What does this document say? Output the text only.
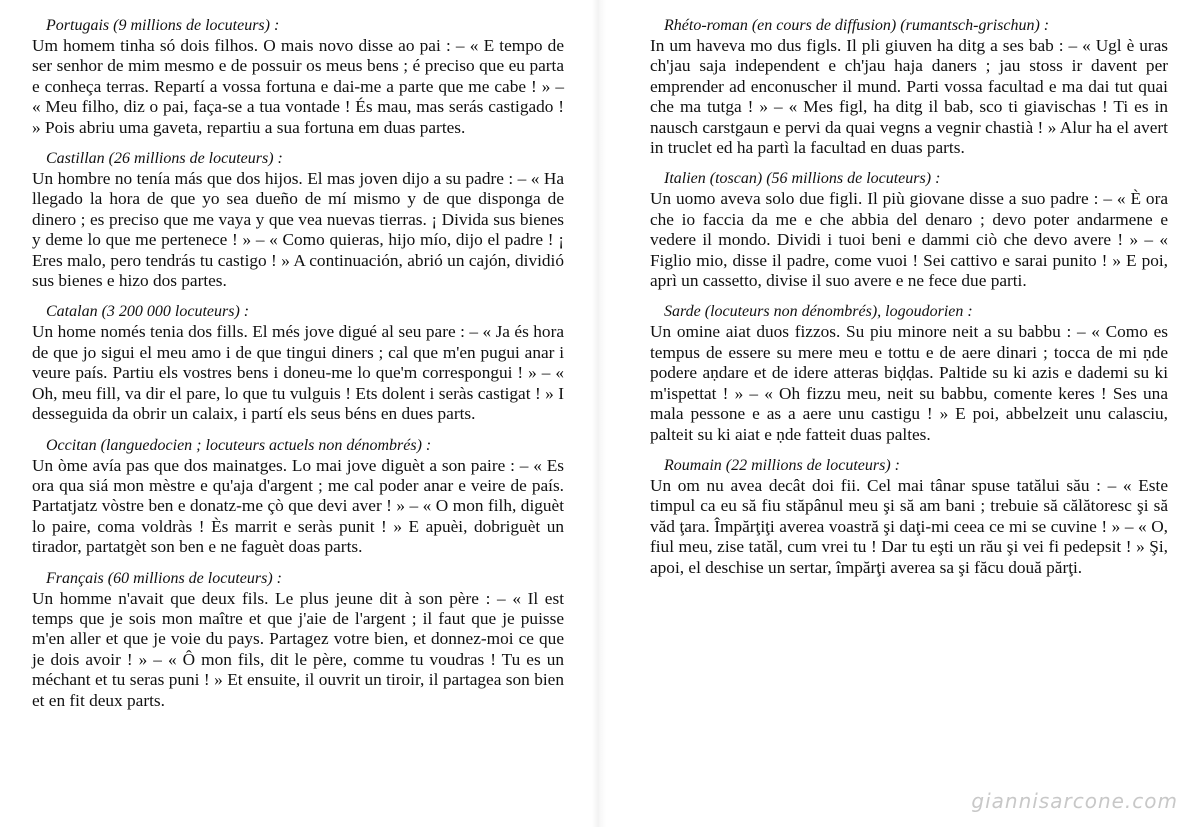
Portugais (9 millions de locuteurs) :
Um homem tinha só dois filhos. O mais novo disse ao pai : – « E tempo de ser senhor de mim mesmo e de possuir os meus bens ; é preciso que eu parta e conheça terras. Repartí a vossa fortuna e dai-me a parte que me cabe ! » – « Meu filho, diz o pai, faça-se a tua vontade ! És mau, mas serás castigado ! » Pois abriu uma gaveta, repartiu a sua fortuna em duas partes.
Castillan (26 millions de locuteurs) :
Un hombre no tenía más que dos hijos. El mas joven dijo a su padre : – « Ha llegado la hora de que yo sea dueño de mí mismo y de que disponga de dinero ; es preciso que me vaya y que vea nuevas tierras. ¡ Divida sus bienes y deme lo que me pertenece ! » – « Como quieras, hijo mío, dijo el padre ! ¡ Eres malo, pero tendrás tu castigo ! » A continuación, abrió un cajón, dividió sus bienes e hizo dos partes.
Catalan (3 200 000 locuteurs) :
Un home només tenia dos fills. El més jove digué al seu pare : – « Ja és hora de que jo sigui el meu amo i de que tingui diners ; cal que m'en pugui anar i veure país. Partiu els vostres bens i doneu-me lo que'm correspongui ! » – « Oh, meu fill, va dir el pare, lo que tu vulguis ! Ets dolent i seràs castigat ! » I desseguida da obrir un calaix, i partí els seus béns en dues parts.
Occitan (languedocien ; locuteurs actuels non dénombrés) :
Un òme avía pas que dos mainatges. Lo mai jove diguèt a son paire : – « Es ora qua siá mon mèstre e qu'aja d'argent ; me cal poder anar e veire de país. Partatjatz vòstre ben e donatz-me çò que devi aver ! » – « O mon filh, diguèt lo paire, coma voldràs ! Ès marrit e seràs punit ! » E apuèi, dobriguèt un tirador, partatgèt son ben e ne faguèt doas parts.
Français (60 millions de locuteurs) :
Un homme n'avait que deux fils. Le plus jeune dit à son père : – « Il est temps que je sois mon maître et que j'aie de l'argent ; il faut que je puisse m'en aller et que je voie du pays. Partagez votre bien, et donnez-moi ce que je dois avoir ! » – « Ô mon fils, dit le père, comme tu voudras ! Tu es un méchant et tu seras puni ! » Et ensuite, il ouvrit un tiroir, il partagea son bien et en fit deux parts.
Rhéto-roman (en cours de diffusion) (rumantsch-grischun) :
In um haveva mo dus figls. Il pli giuven ha ditg a ses bab : – « Ugl è uras ch'jau saja independent e ch'jau haja daners ; jau stoss ir davent per emprender ad enconuscher il mund. Parti vossa facultad e ma dai tut quai che ma tutga ! » – « Mes figl, ha ditg il bab, sco ti giavischas ! Ti es in nausch carstgaun e pervi da quai vegns a vegnir chastià ! » Alur ha el avert in truclet ed ha partì la facultad en duas parts.
Italien (toscan) (56 millions de locuteurs) :
Un uomo aveva solo due figli. Il più giovane disse a suo padre : – « È ora che io faccia da me e che abbia del denaro ; devo poter andarmene e vedere il mondo. Dividi i tuoi beni e dammi ciò che devo avere ! » – « Figlio mio, disse il padre, come vuoi ! Sei cattivo e sarai punito ! » E poi, aprì un cassetto, divise il suo avere e ne fece due parti.
Sarde (locuteurs non dénombrés), logoudorien :
Un omine aiat duos fizzos. Su piu minore neit a su babbu : – « Como es tempus de essere su mere meu e tottu e de aere dinari ; tocca de mi ṇde podere aṇdare et de idere atteras biḍḍas. Paltide su ki azis e dademi su ki m'ispettat ! » – « Oh fizzu meu, neit su babbu, comente keres ! Ses una mala pessone e as a aere unu castigu ! » E poi, abbelzeit unu calasciu, palteit su ki aiat e ṇde fatteit duas paltes.
Roumain (22 millions de locuteurs) :
Un om nu avea decât doi fii. Cel mai tânar spuse tatălui său : – « Este timpul ca eu să fiu stăpânul meu şi să am bani ; trebuie să călătoresc şi să văd ţara. Împărţiţi averea voastră şi daţi-mi ceea ce mi se cuvine ! » – « O, fiul meu, zise tatăl, cum vrei tu ! Dar tu eşti un rău şi vei fi pedepsit ! » Şi, apoi, el deschise un sertar, împărţi averea sa şi făcu două părţi.
giannisarcone.com
